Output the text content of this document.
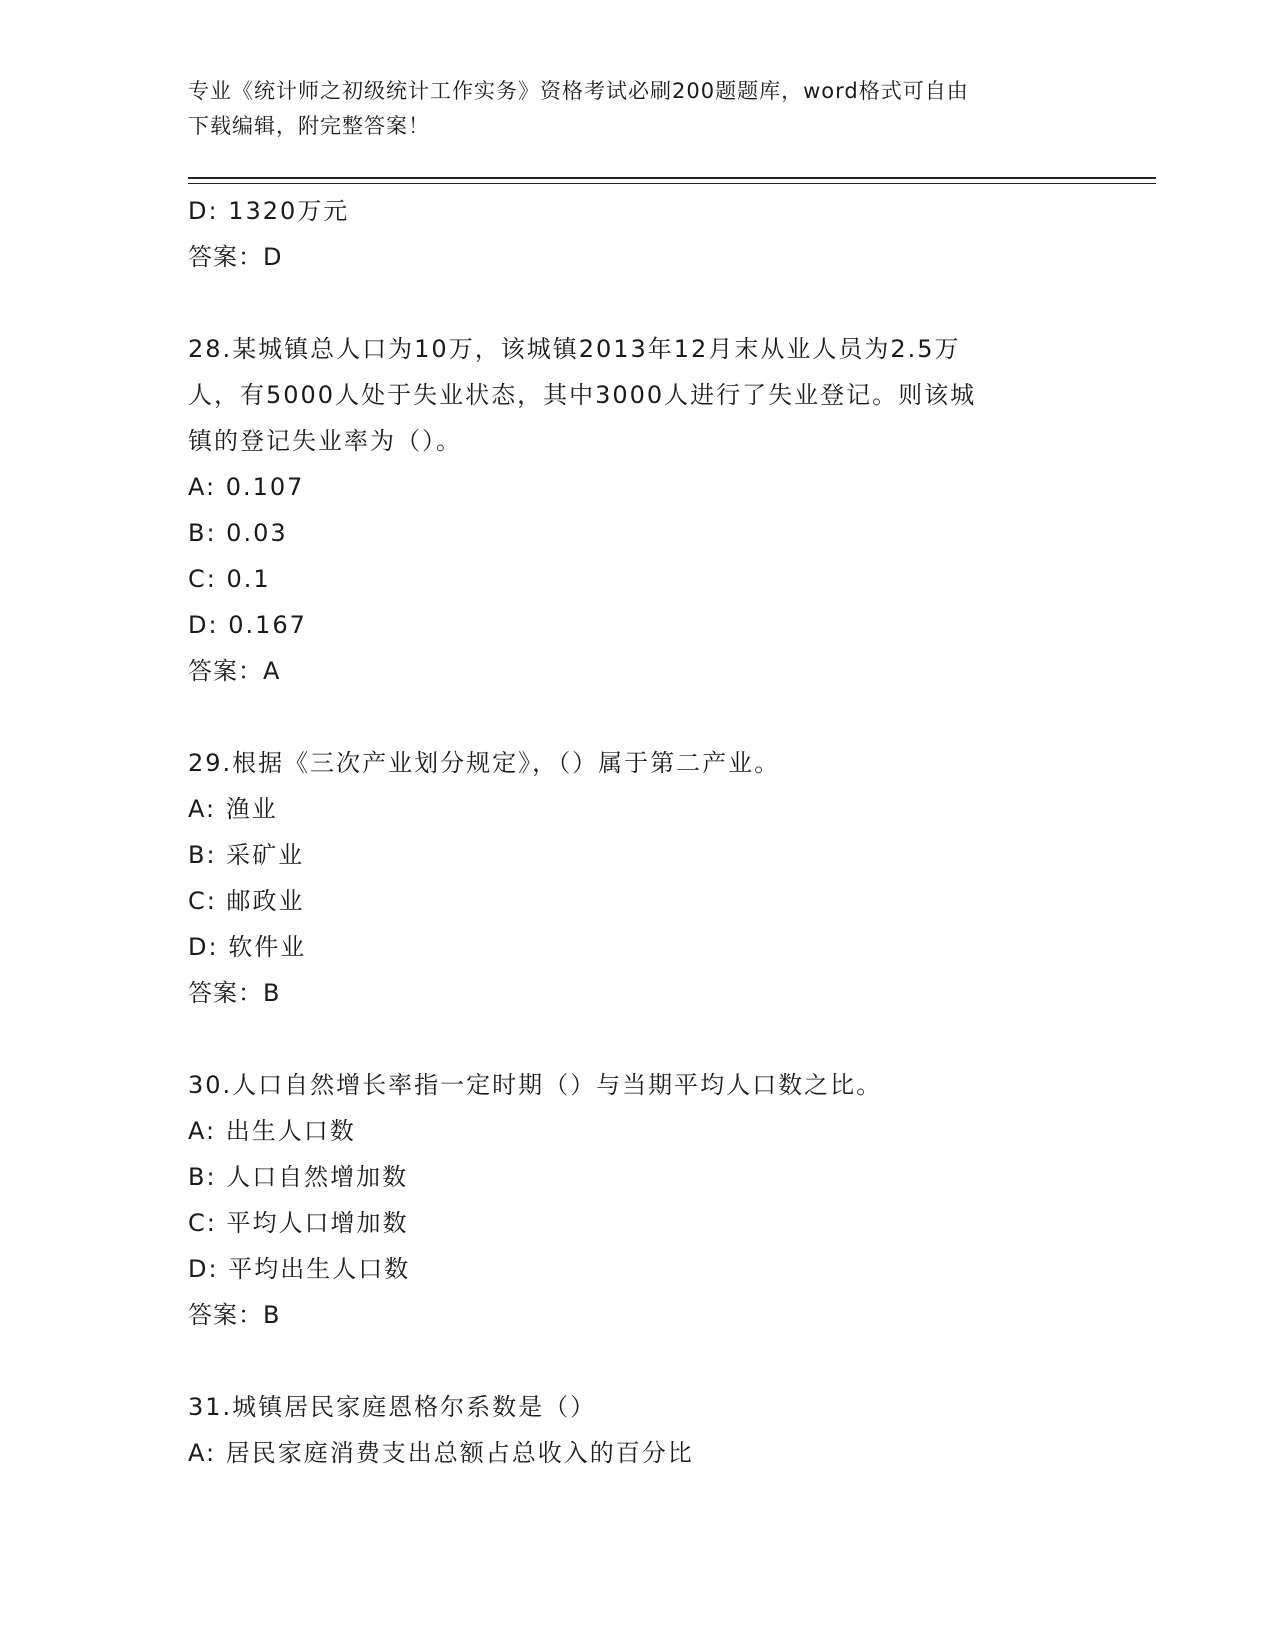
专业《统计师之初级统计工作实务》资格考试必刷200题题库，word格式可自由
下载编辑，附完整答案！
D: 1320万元
答案：D
28.某城镇总人口为10万，该城镇2013年12月末从业人员为2.5万
人，有5000人处于失业状态，其中3000人进行了失业登记。则该城
镇的登记失业率为（）。
A: 0.107
B: 0.03
C: 0.1
D: 0.167
答案：A
29.根据《三次产业划分规定》，（）属于第二产业。
A: 渔业
B: 采矿业
C: 邮政业
D: 软件业
答案：B
30.人口自然增长率指一定时期（）与当期平均人口数之比。
A: 出生人口数
B: 人口自然增加数
C: 平均人口增加数
D: 平均出生人口数
答案：B
31.城镇居民家庭恩格尔系数是（）
A: 居民家庭消费支出总额占总收入的百分比
